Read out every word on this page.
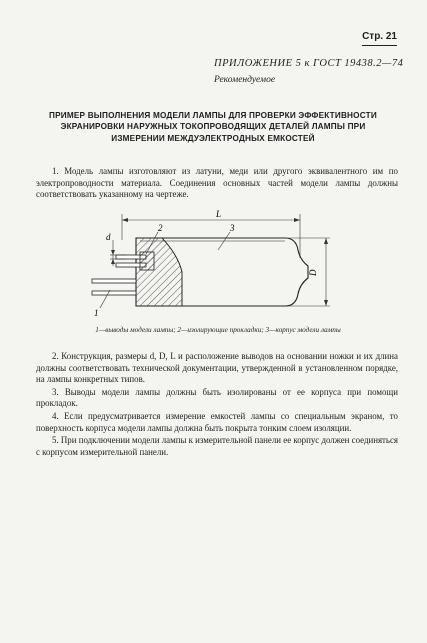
Стр. 21
ПРИЛОЖЕНИЕ 5 к ГОСТ 19438.2—74
Рекомендуемое
ПРИМЕР ВЫПОЛНЕНИЯ МОДЕЛИ ЛАМПЫ ДЛЯ ПРОВЕРКИ ЭФФЕКТИВНОСТИ ЭКРАНИРОВКИ НАРУЖНЫХ ТОКОПРОВОДЯЩИХ ДЕТАЛЕЙ ЛАМПЫ ПРИ ИЗМЕРЕНИИ МЕЖДУЭЛЕКТРОДНЫХ ЕМКОСТЕЙ
1. Модель лампы изготовляют из латуни, меди или другого эквивалентного им по электропроводности материала. Соединения основных частей модели лампы должны соответствовать указанному на чертеже.
L
d
D
2	3
1
1—выводы модели лампы; 2—изолирующие прокладки; 3—корпус модели лампы

2. Конструкция, размеры d, D, L и расположение выводов на основании ножки и их длина должны соответствовать технической документации, утвержденной в установленном порядке, на лампы конкретных типов.

3. Выводы модели лампы должны быть изолированы от ее корпуса при помощи прокладок.

4. Если предусматривается измерение емкостей лампы со специальным экраном, то поверхность корпуса модели лампы должна быть покрыта тонким слоем изоляции.

5. При подключении модели лампы к измерительной панели ее корпус должен соединяться с корпусом измерительной панели.
